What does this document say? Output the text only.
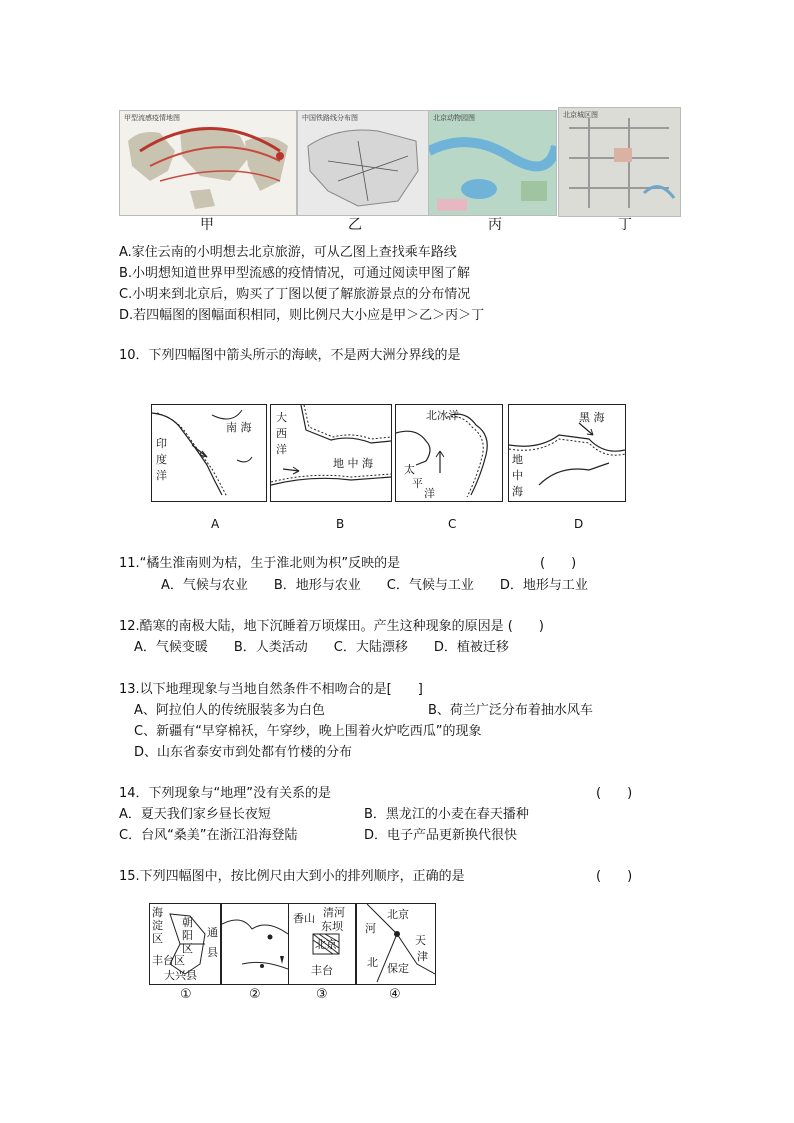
甲型流感疫情地图	中国铁路线分布图	北京动物园图	北京城区图
甲	乙	丙	丁
A.家住云南的小明想去北京旅游，可从乙图上查找乘车路线
B.小明想知道世界甲型流感的疫情情况，可通过阅读甲图了解
C.小明来到北京后，购买了丁图以便了解旅游景点的分布情况
D.若四幅图的图幅面积相同，则比例尺大小应是甲＞乙＞丙＞丁
10．下列四幅图中箭头所示的海峡，不是两大洲分界线的是
南 海
印
度
洋
大
西
洋
地 中 海
北冰洋
太
平
洋
黑 海
地
中
海
A	B	C	D
11.“橘生淮南则为桔，生于淮北则为枳”反映的是	(　　)
A．气候与农业　　B．地形与农业　　C．气候与工业　　D．地形与工业
12.酷寒的南极大陆，地下沉睡着万顷煤田。产生这种现象的原因是 (　　)
A．气候变暖　　B．人类活动　　C．大陆漂移　　D．植被迁移
13.以下地理现象与当地自然条件不相吻合的是[　　]
A、阿拉伯人的传统服装多为白色	B、荷兰广泛分布着抽水风车
C、新疆有“早穿棉袄，午穿纱，晚上围着火炉吃西瓜”的现象
D、山东省泰安市到处都有竹楼的分布
14．下列现象与“地理”没有关系的是	(　　)
A．夏天我们家乡昼长夜短	B．黑龙江的小麦在春天播种
C．台风“桑美”在浙江沿海登陆	D．电子产品更新换代很快
15.下列四幅图中，按比例尺由大到小的排列顺序，正确的是	(　　)
海
淀
区
朝
阳
区
通
县
丰台区
大兴县
香山 清河
东坝
北京
丰台
北京
河
天
津
北 保定
①	②	③	④
